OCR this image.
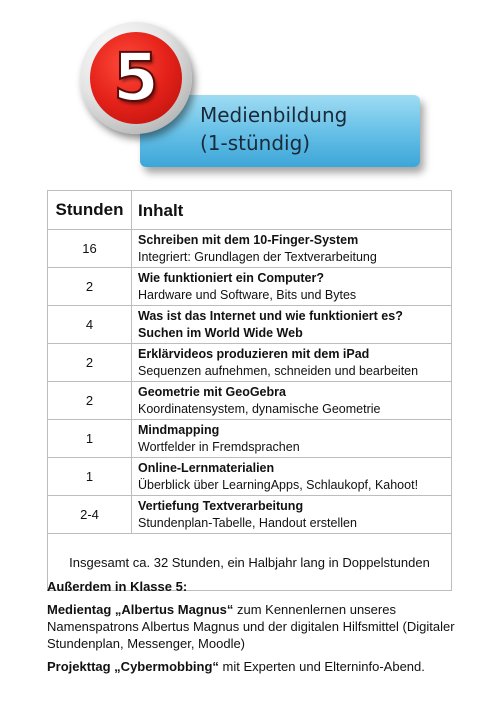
Medienbildung
(1-stündig)
5
Stunden Inhalt
16
Schreiben mit dem 10-Finger-System
Integriert: Grundlagen der Textverarbeitung
2
Wie funktioniert ein Computer?
Hardware und Software, Bits und Bytes
4
Was ist das Internet und wie funktioniert es?
Suchen im World Wide Web
2
Erklärvideos produzieren mit dem iPad
Sequenzen aufnehmen, schneiden und bearbeiten
2
Geometrie mit GeoGebra
Koordinatensystem, dynamische Geometrie
1
Mindmapping
Wortfelder in Fremdsprachen
1
Online-Lernmaterialien
Überblick über LearningApps, Schlaukopf, Kahoot!
2-4
Vertiefung Textverarbeitung
Stundenplan-Tabelle, Handout erstellen
Insgesamt ca. 32 Stunden, ein Halbjahr lang in Doppelstunden

Außerdem in Klasse 5:

Medientag „Albertus Magnus“ zum Kennenlernen unseres Namenspatrons Albertus Magnus und der digitalen Hilfsmittel (Digitaler Stundenplan, Messenger, Moodle)

Projekttag „Cybermobbing“ mit Experten und Elterninfo-Abend.
